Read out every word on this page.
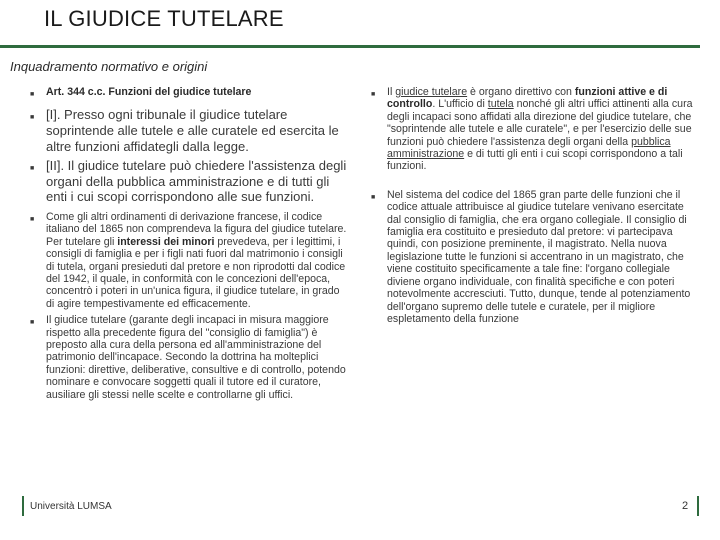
IL GIUDICE TUTELARE
Inquadramento normativo e origini
■	Art. 344 c.c. Funzioni del giudice tutelare
■ [I]. Presso ogni tribunale il giudice tutelare soprintende alle tutele e alle curatele ed esercita le altre funzioni affidategli dalla legge.
■ [II]. Il giudice tutelare può chiedere l'assistenza degli organi della pubblica amministrazione e di tutti gli enti i cui scopi corrispondono alle sue funzioni.
■	Come gli altri ordinamenti di derivazione francese, il codice italiano del 1865 non comprendeva la figura del giudice tutelare. Per tutelare gli interessi dei minori prevedeva, per i legittimi, i consigli di famiglia e per i figli nati fuori dal matrimonio i consigli di tutela, organi presieduti dal pretore e non riprodotti dal codice del 1942, il quale, in conformità con le concezioni dell'epoca, concentrò i poteri in un'unica figura, il giudice tutelare, in grado di agire tempestivamente ed efficacemente.
■	Il giudice tutelare (garante degli incapaci in misura maggiore rispetto alla precedente figura del "consiglio di famiglia") è preposto alla cura della persona ed all'amministrazione del patrimonio dell'incapace. Secondo la dottrina ha molteplici funzioni: direttive, deliberative, consultive e di controllo, potendo nominare e convocare soggetti quali il tutore ed il curatore, ausiliare gli stessi nelle scelte e controllarne gli uffici.
■	Il giudice tutelare è organo direttivo con funzioni attive e di controllo. L'ufficio di tutela nonché gli altri uffici attinenti alla cura degli incapaci sono affidati alla direzione del giudice tutelare, che "soprintende alle tutele e alle curatele", e per l'esercizio delle sue funzioni può chiedere l'assistenza degli organi della pubblica amministrazione e di tutti gli enti i cui scopi corrispondono a tali funzioni.
■	Nel sistema del codice del 1865 gran parte delle funzioni che il codice attuale attribuisce al giudice tutelare venivano esercitate dal consiglio di famiglia, che era organo collegiale. Il consiglio di famiglia era costituito e presieduto dal pretore: vi partecipava quindi, con posizione preminente, il magistrato. Nella nuova legislazione tutte le funzioni si accentrano in un magistrato, che viene costituito specificamente a tale fine: l'organo collegiale diviene organo individuale, con finalità specifiche e con poteri notevolmente accresciuti. Tutto, dunque, tende al potenziamento dell'organo supremo delle tutele e curatele, per il migliore espletamento della funzione
Università LUMSA	2
